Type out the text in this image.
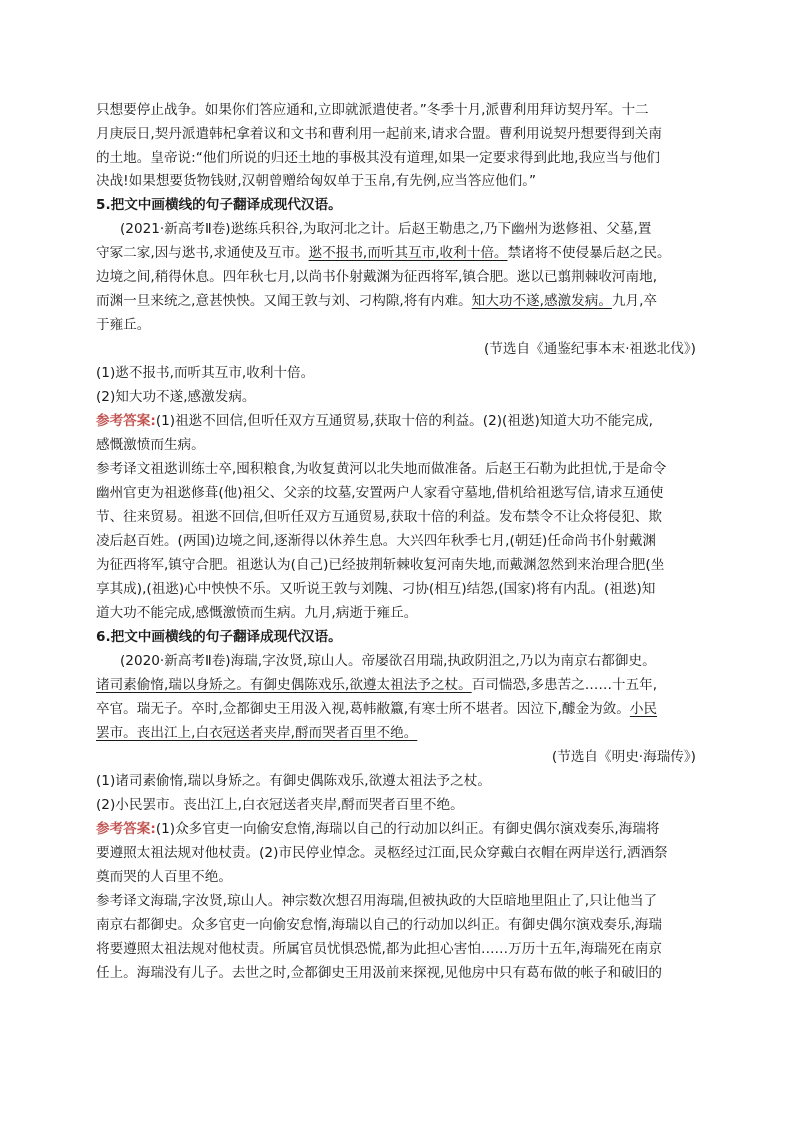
只想要停止战争。如果你们答应通和,立即就派遣使者。”冬季十月,派曹利用拜访契丹军。十二
月庚辰日,契丹派遣韩杞拿着议和文书和曹利用一起前来,请求合盟。曹利用说契丹想要得到关南
的土地。皇帝说:“他们所说的归还土地的事极其没有道理,如果一定要求得到此地,我应当与他们
决战!如果想要货物钱财,汉朝曾赠给匈奴单于玉帛,有先例,应当答应他们。”
5.把文中画横线的句子翻译成现代汉语。
(2021·新高考Ⅱ卷)逖练兵积谷,为取河北之计。后赵王勒患之,乃下幽州为逖修祖、父墓,置
守冢二家,因与逖书,求通使及互市。逖不报书,而听其互市,收利十倍。禁诸将不使侵暴后赵之民。
边境之间,稍得休息。四年秋七月,以尚书仆射戴渊为征西将军,镇合肥。逖以已翦荆棘收河南地,
而渊一旦来统之,意甚怏怏。又闻王敦与刘、刁构隙,将有内难。知大功不遂,感激发病。九月,卒
于雍丘。
(节选自《通鉴纪事本末·祖逖北伐》)
(1)逖不报书,而听其互市,收利十倍。
(2)知大功不遂,感激发病。
参考答案:(1)祖逖不回信,但听任双方互通贸易,获取十倍的利益。(2)(祖逖)知道大功不能完成,
感慨激愤而生病。
参考译文祖逖训练士卒,囤积粮食,为收复黄河以北失地而做准备。后赵王石勒为此担忧,于是命令
幽州官吏为祖逖修葺(他)祖父、父亲的坟墓,安置两户人家看守墓地,借机给祖逖写信,请求互通使
节、往来贸易。祖逖不回信,但听任双方互通贸易,获取十倍的利益。发布禁令不让众将侵犯、欺
凌后赵百姓。(两国)边境之间,逐渐得以休养生息。大兴四年秋季七月,(朝廷)任命尚书仆射戴渊
为征西将军,镇守合肥。祖逖认为(自己)已经披荆斩棘收复河南失地,而戴渊忽然到来治理合肥(坐
享其成),(祖逖)心中怏怏不乐。又听说王敦与刘隗、刁协(相互)结怨,(国家)将有内乱。(祖逖)知
道大功不能完成,感慨激愤而生病。九月,病逝于雍丘。
6.把文中画横线的句子翻译成现代汉语。
(2020·新高考Ⅱ卷)海瑞,字汝贤,琼山人。帝屡欲召用瑞,执政阴沮之,乃以为南京右都御史。
诸司素偷惰,瑞以身矫之。有御史偶陈戏乐,欲遵太祖法予之杖。百司惴恐,多患苦之……十五年,
卒官。瑞无子。卒时,佥都御史王用汲入视,葛帏敝籝,有寒士所不堪者。因泣下,醵金为敛。小民
罢市。丧出江上,白衣冠送者夹岸,酹而哭者百里不绝。
(节选自《明史·海瑞传》)
(1)诸司素偷惰,瑞以身矫之。有御史偶陈戏乐,欲遵太祖法予之杖。
(2)小民罢市。丧出江上,白衣冠送者夹岸,酹而哭者百里不绝。
参考答案:(1)众多官吏一向偷安怠惰,海瑞以自己的行动加以纠正。有御史偶尔演戏奏乐,海瑞将
要遵照太祖法规对他杖责。(2)市民停业悼念。灵柩经过江面,民众穿戴白衣帽在两岸送行,洒酒祭
奠而哭的人百里不绝。
参考译文海瑞,字汝贤,琼山人。神宗数次想召用海瑞,但被执政的大臣暗地里阻止了,只让他当了
南京右都御史。众多官吏一向偷安怠惰,海瑞以自己的行动加以纠正。有御史偶尔演戏奏乐,海瑞
将要遵照太祖法规对他杖责。所属官员忧惧恐慌,都为此担心害怕……万历十五年,海瑞死在南京
任上。海瑞没有儿子。去世之时,佥都御史王用汲前来探视,见他房中只有葛布做的帐子和破旧的
